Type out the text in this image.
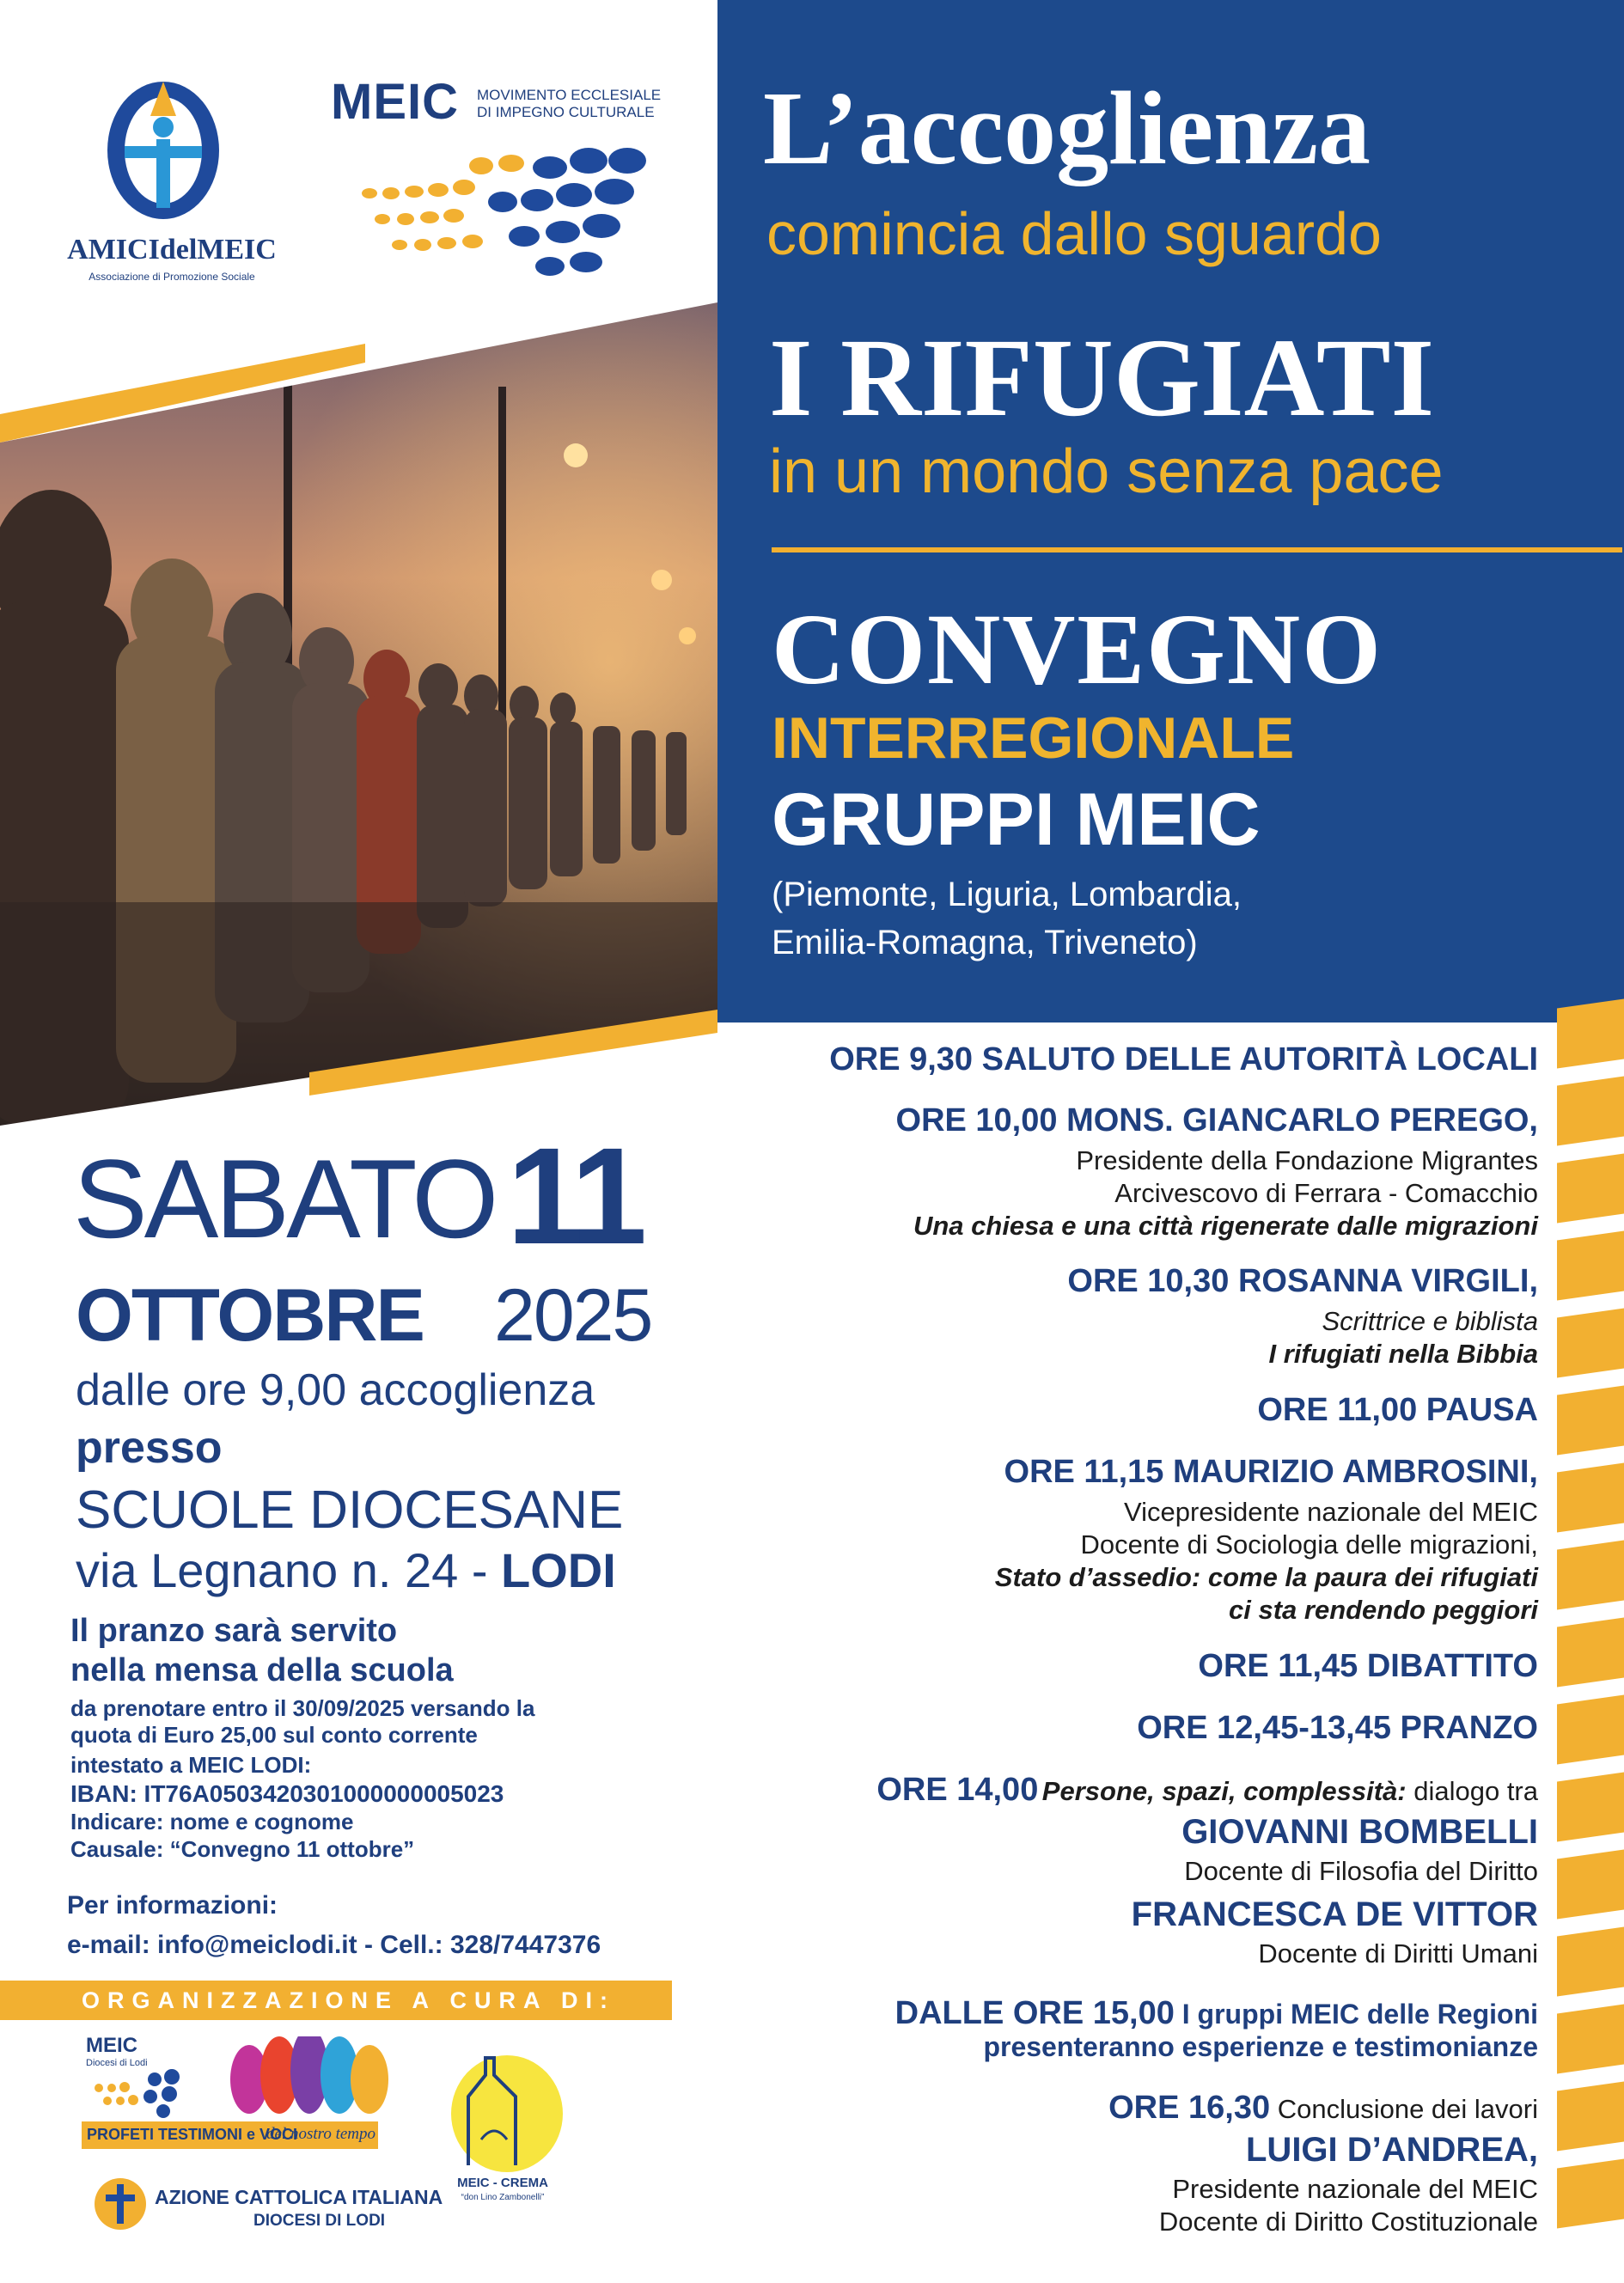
AMICIdelMEIC
Associazione di Promozione Sociale
MEIC MOVIMENTO ECCLESIALE
DI IMPEGNO CULTURALE L’accoglienza
comincia dallo sguardo
I RIFUGIATI
in un mondo senza pace
CONVEGNO
INTERREGIONALE
GRUPPI MEIC
(Piemonte, Liguria, Lombardia,
Emilia-Romagna, Triveneto)
SABATO 11
OTTOBRE 2025
dalle ore 9,00 accoglienza
presso
SCUOLE DIOCESANE
via Legnano n. 24 - LODI
Il pranzo sarà servito
nella mensa della scuola
da prenotare entro il 30/09/2025 versando la
quota di Euro 25,00 sul conto corrente
intestato a MEIC LODI:
IBAN: IT76A0503420301000000005023
Indicare: nome e cognome
Causale: “Convegno 11 ottobre”
Per informazioni:
e-mail: info@meiclodi.it - Cell.: 328/7447376
ORGANIZZAZIONE A CURA DI:
MEIC
Diocesi di Lodi
PROFETI TESTIMONI e VOCI
del nostro tempo
MEIC - CREMA
“don Lino Zambonelli”
AZIONE CATTOLICA ITALIANA
DIOCESI DI LODI
ORE 9,30 SALUTO DELLE AUTORITÀ LOCALI
ORE 10,00 MONS. GIANCARLO PEREGO,
Presidente della Fondazione Migrantes
Arcivescovo di Ferrara - Comacchio
Una chiesa e una città rigenerate dalle migrazioni
ORE 10,30 ROSANNA VIRGILI,
Scrittrice e biblista
I rifugiati nella Bibbia
ORE 11,00 PAUSA
ORE 11,15 MAURIZIO AMBROSINI,
Vicepresidente nazionale del MEIC
Docente di Sociologia delle migrazioni,
Stato d’assedio: come la paura dei rifugiati
ci sta rendendo peggiori
ORE 11,45 DIBATTITO
ORE 12,45-13,45 PRANZO
ORE 14,00 Persone, spazi, complessità: dialogo tra
GIOVANNI BOMBELLI
Docente di Filosofia del Diritto
FRANCESCA DE VITTOR
Docente di Diritti Umani
DALLE ORE 15,00 I gruppi MEIC delle Regioni
presenteranno esperienze e testimonianze
ORE 16,30 Conclusione dei lavori
LUIGI D’ANDREA,
Presidente nazionale del MEIC
Docente di Diritto Costituzionale
